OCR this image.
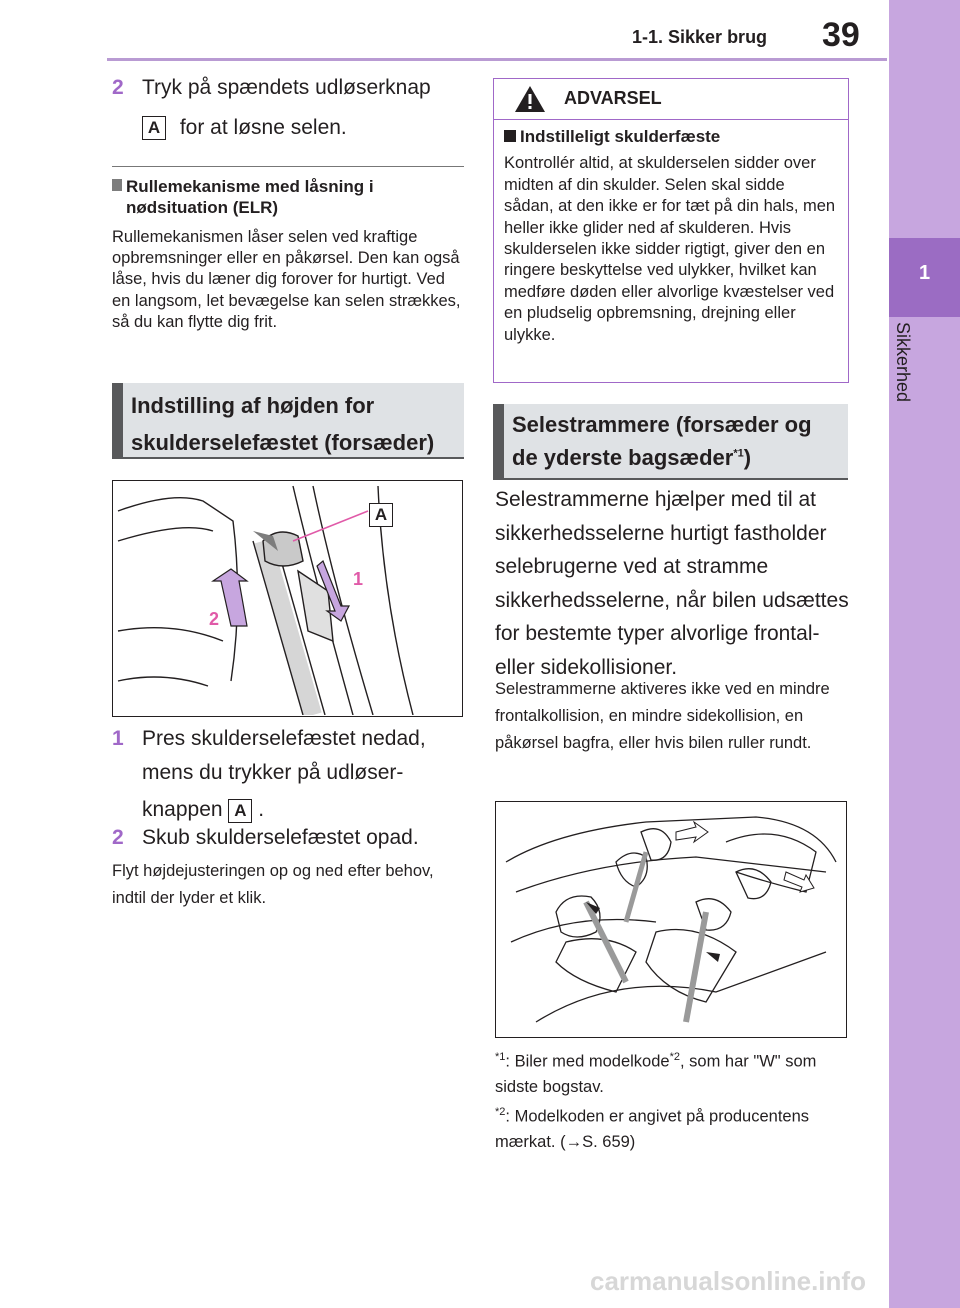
1-1. Sikker brug 39
1
Sikkerhed
2 Tryk på spændets udløserknap
A for at løsne selen.
Rullemekanisme med låsning i nødsituation (ELR)
Rullemekanismen låser selen ved kraftige opbremsninger eller en påkørsel. Den kan også låse, hvis du læner dig forover for hurtigt. Ved en langsom, let bevægelse kan selen strækkes, så du kan flytte dig frit.
Indstilling af højden for skulderselefæstet (forsæder)
A
1
2
1 Pres skulderselefæstet nedad, mens du trykker på udløser-
knappen A .
2 Skub skulderselefæstet opad.
Flyt højdejusteringen op og ned efter behov, indtil der lyder et klik.
ADVARSEL
Indstilleligt skulderfæste
Kontrollér altid, at skulderselen sidder over midten af din skulder. Selen skal sidde sådan, at den ikke er for tæt på din hals, men heller ikke glider ned af skulderen. Hvis skulderselen ikke sidder rigtigt, giver den en ringere beskyttelse ved ulykker, hvilket kan medføre døden eller alvorlige kvæstelser ved en pludselig opbremsning, drejning eller ulykke.
Selestrammere (forsæder og
de yderste bagsæder$^{*1}$)
Selestrammerne hjælper med til at sikkerhedsselerne hurtigt fastholder selebrugerne ved at stramme sikkerhedsselerne, når bilen udsættes for bestemte typer alvorlige frontal- eller sidekollisioner.
Selestrammerne aktiveres ikke ved en mindre frontalkollision, en mindre sidekollision, en påkørsel bagfra, eller hvis bilen ruller rundt.
$^{*1}$: Biler med modelkode$^{*2}$, som har "W" som sidste bogstav.
$^{*2}$: Modelkoden er angivet på producentens mærkat. (→S. 659)
carmanualsonline.info
